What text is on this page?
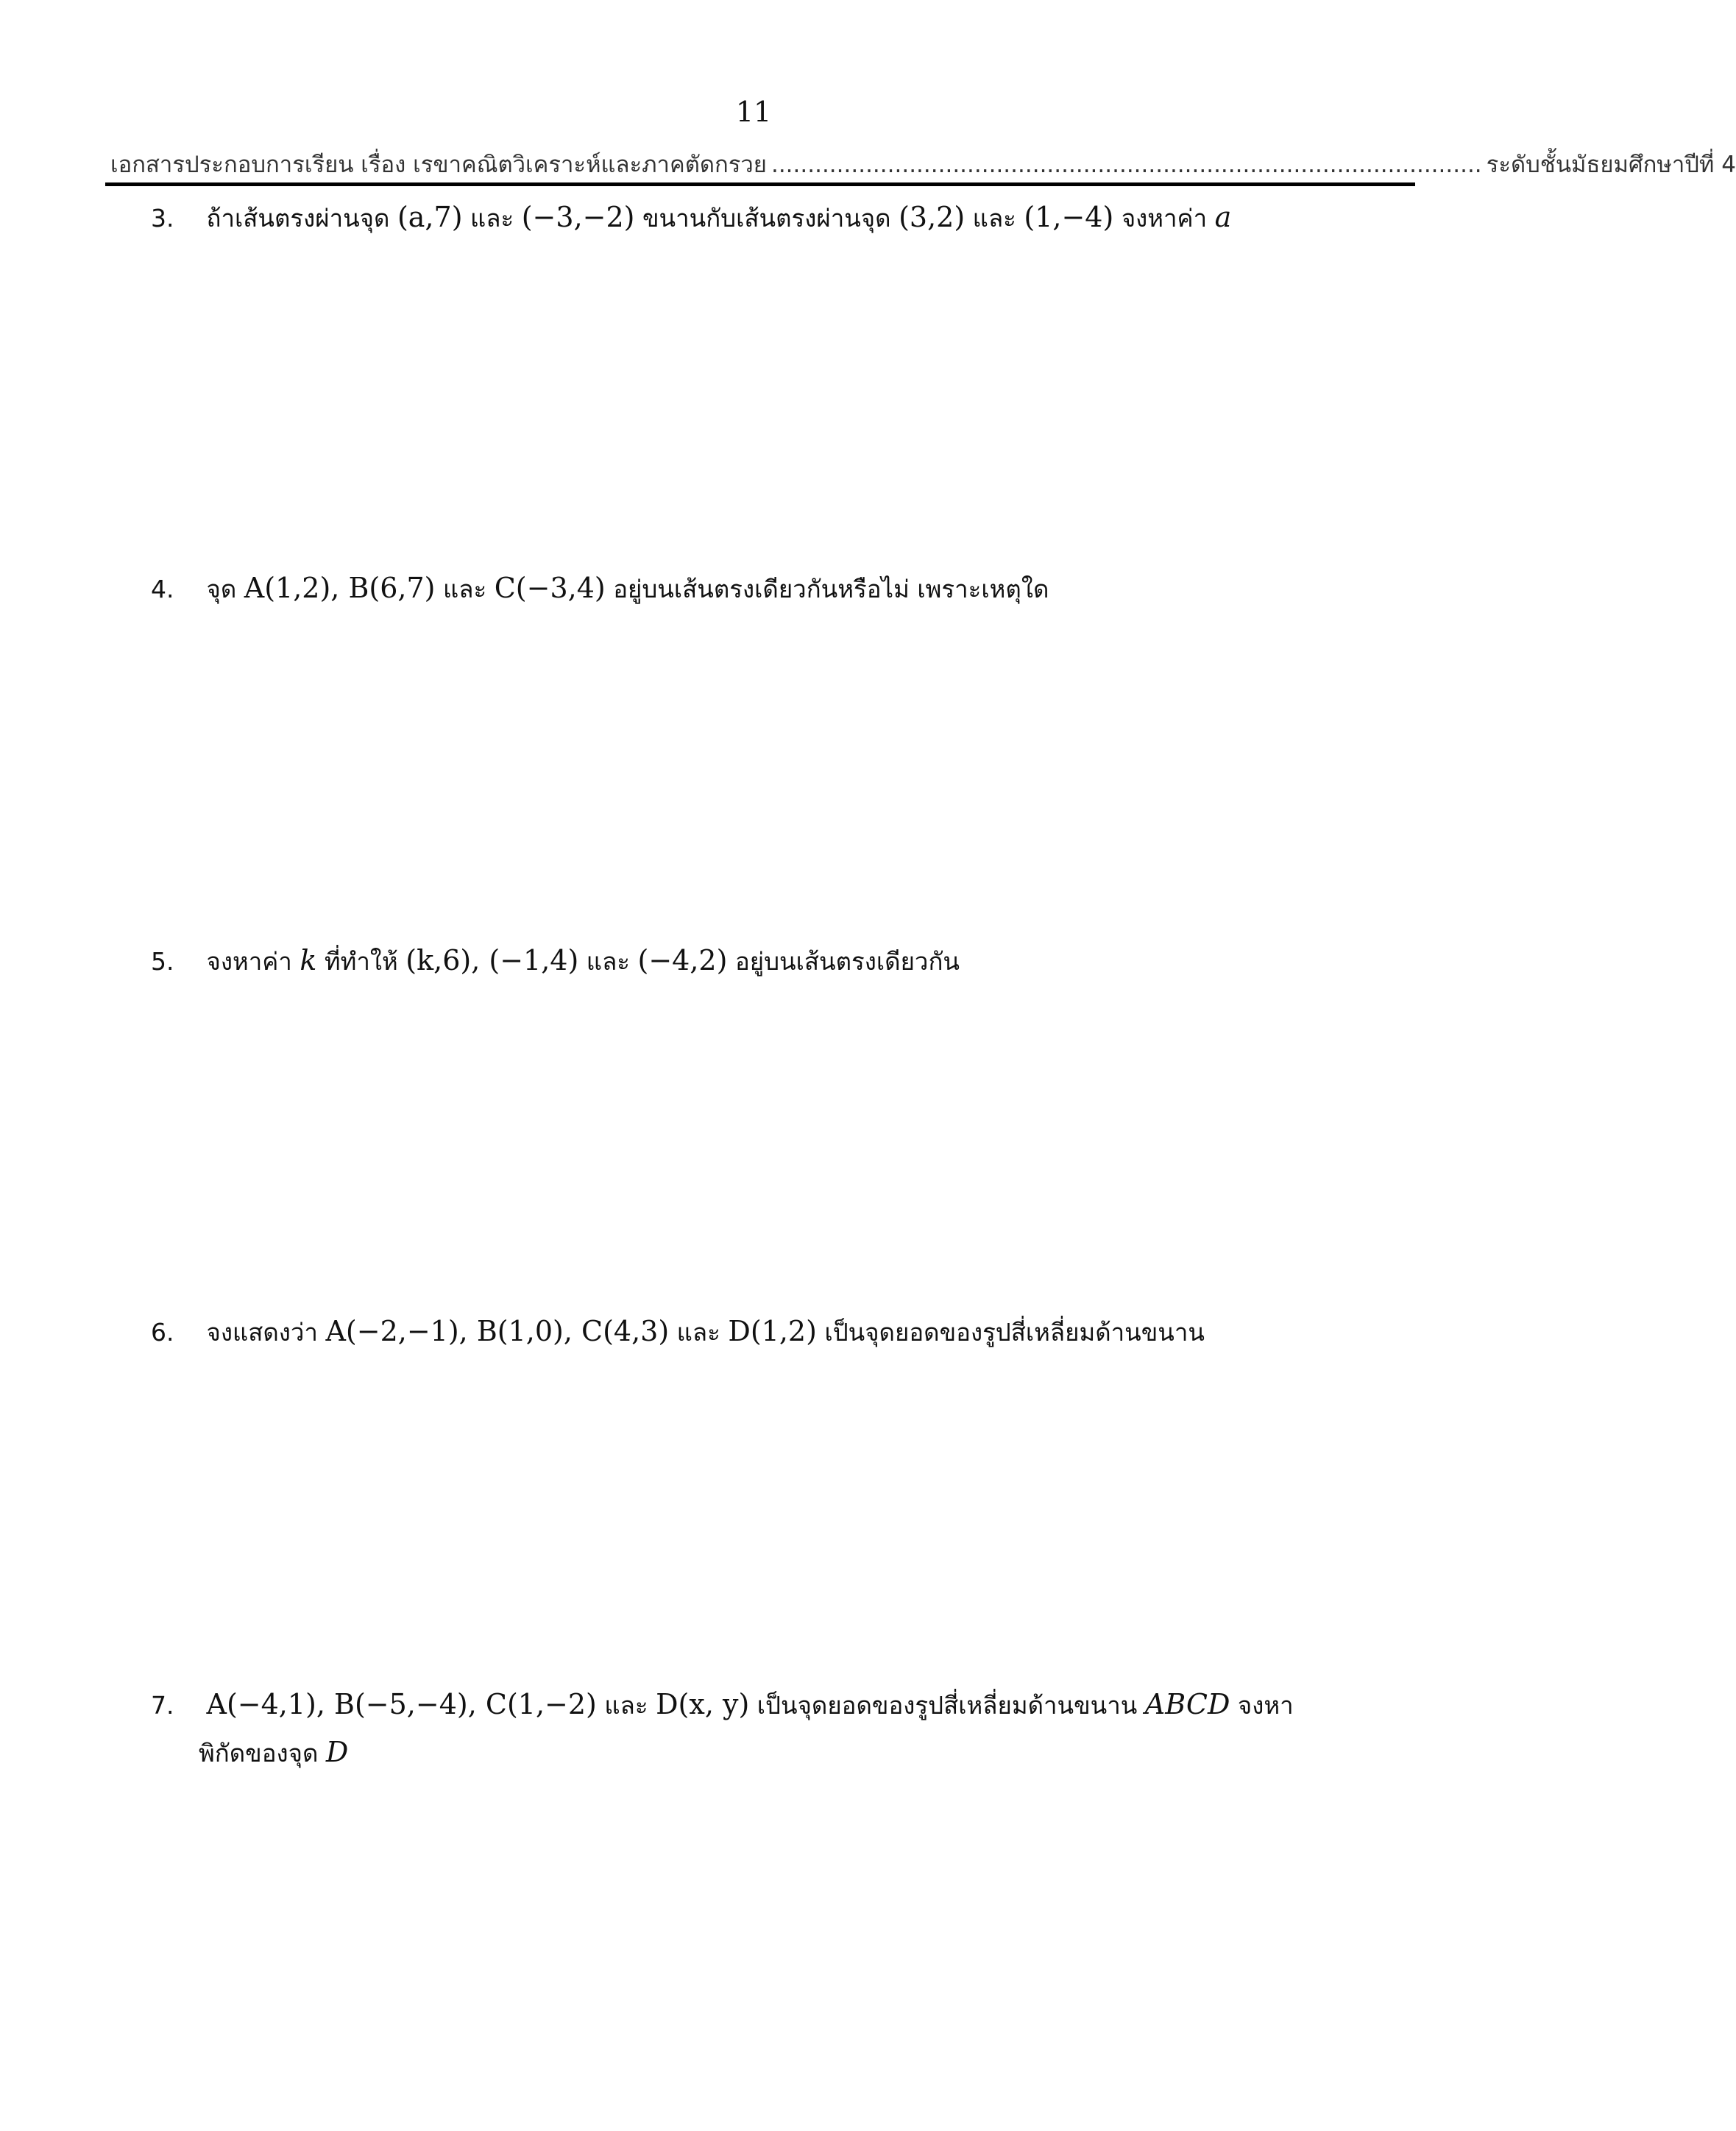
11
เอกสารประกอบการเรียน เรื่อง เรขาคณิตวิเคราะห์และภาคตัดกรวย .................................................................................................. ระดับชั้นมัธยมศึกษาปีที่ 4
3. ถ้าเส้นตรงผ่านจุด (a,7) และ (−3,−2) ขนานกับเส้นตรงผ่านจุด (3,2) และ (1,−4) จงหาค่า a
4. จุด A(1,2), B(6,7) และ C(−3,4) อยู่บนเส้นตรงเดียวกันหรือไม่ เพราะเหตุใด
5. จงหาค่า k ที่ทำให้ (k,6), (−1,4) และ (−4,2) อยู่บนเส้นตรงเดียวกัน
6. จงแสดงว่า A(−2,−1), B(1,0), C(4,3) และ D(1,2) เป็นจุดยอดของรูปสี่เหลี่ยมด้านขนาน
7. A(−4,1), B(−5,−4), C(1,−2) และ D(x, y) เป็นจุดยอดของรูปสี่เหลี่ยมด้านขนาน ABCD จงหา
พิกัดของจุด D
